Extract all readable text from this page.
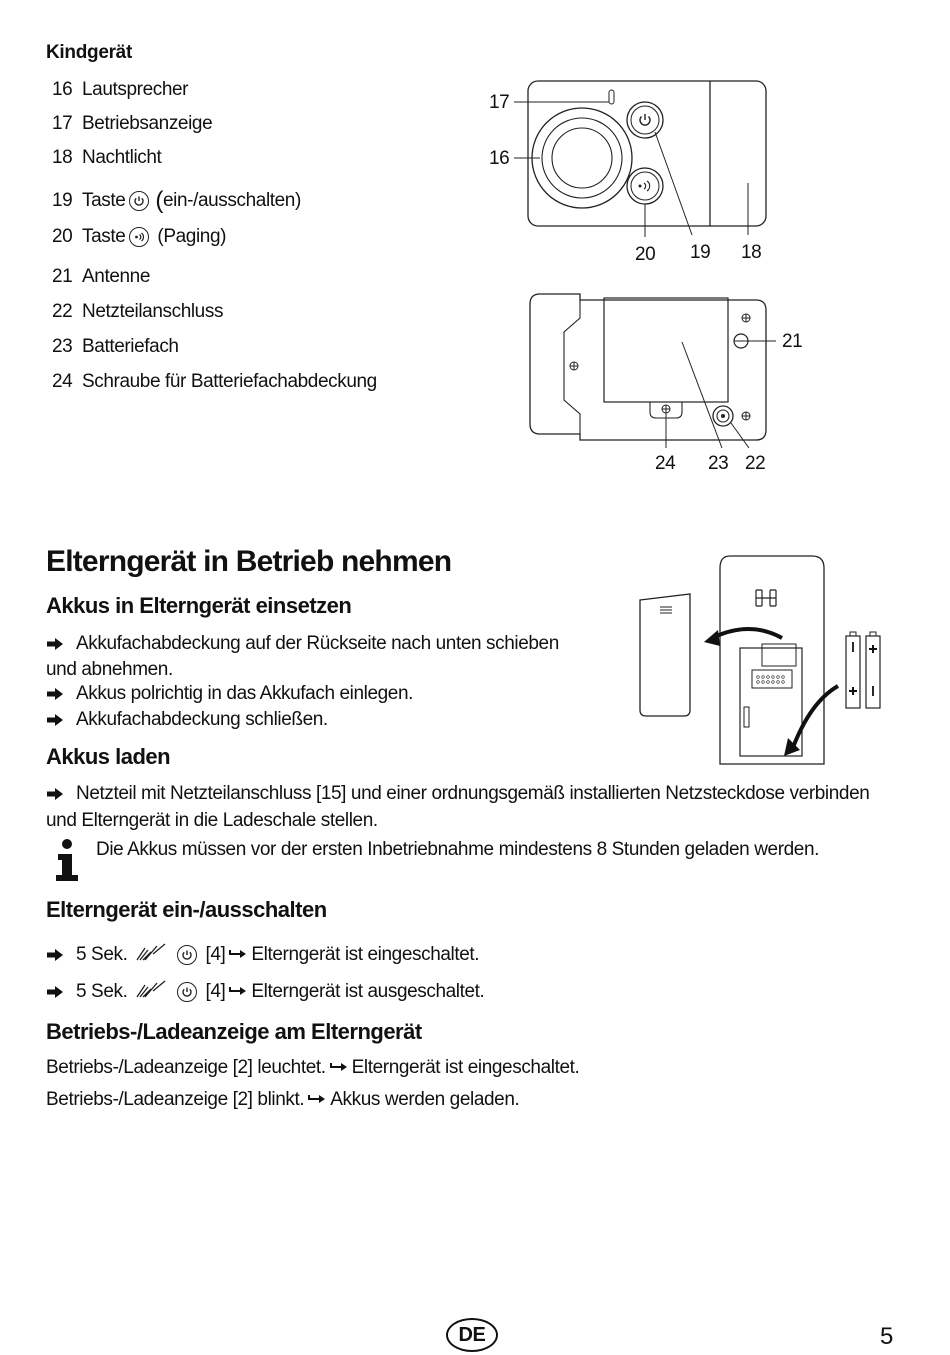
Kindgerät
16 Lautsprecher
17 Betriebsanzeige
18 Nachtlicht
19 Taste ( ein-/ausschalten)
20 Taste (Paging)
21 Antenne
22 Netzteilanschluss
23 Batteriefach
24 Schraube für Batteriefachabdeckung
17
16
20 19 18
21
24 23 22
Elterngerät in Betrieb nehmen
Akkus in Elterngerät einsetzen
Akkufachabdeckung auf der Rückseite nach unten schieben
und abnehmen.
Akkus polrichtig in das Akkufach einlegen.
Akkufachabdeckung schließen.
Akkus laden
Netzteil mit Netzteilanschluss [15] und einer ordnungsgemäß installierten Netzsteckdose verbinden
und Elterngerät in die Ladeschale stellen.
Die Akkus müssen vor der ersten Inbetriebnahme mindestens 8 Stunden geladen werden.
Elterngerät ein-/ausschalten
5 Sek.	[4] Elterngerät ist eingeschaltet.
5 Sek.	[4] Elterngerät ist ausgeschaltet.
Betriebs-/Ladeanzeige am Elterngerät
Betriebs-/Ladeanzeige [2] leuchtet. Elterngerät ist eingeschaltet.
Betriebs-/Ladeanzeige [2] blinkt. Akkus werden geladen.
DE	5
